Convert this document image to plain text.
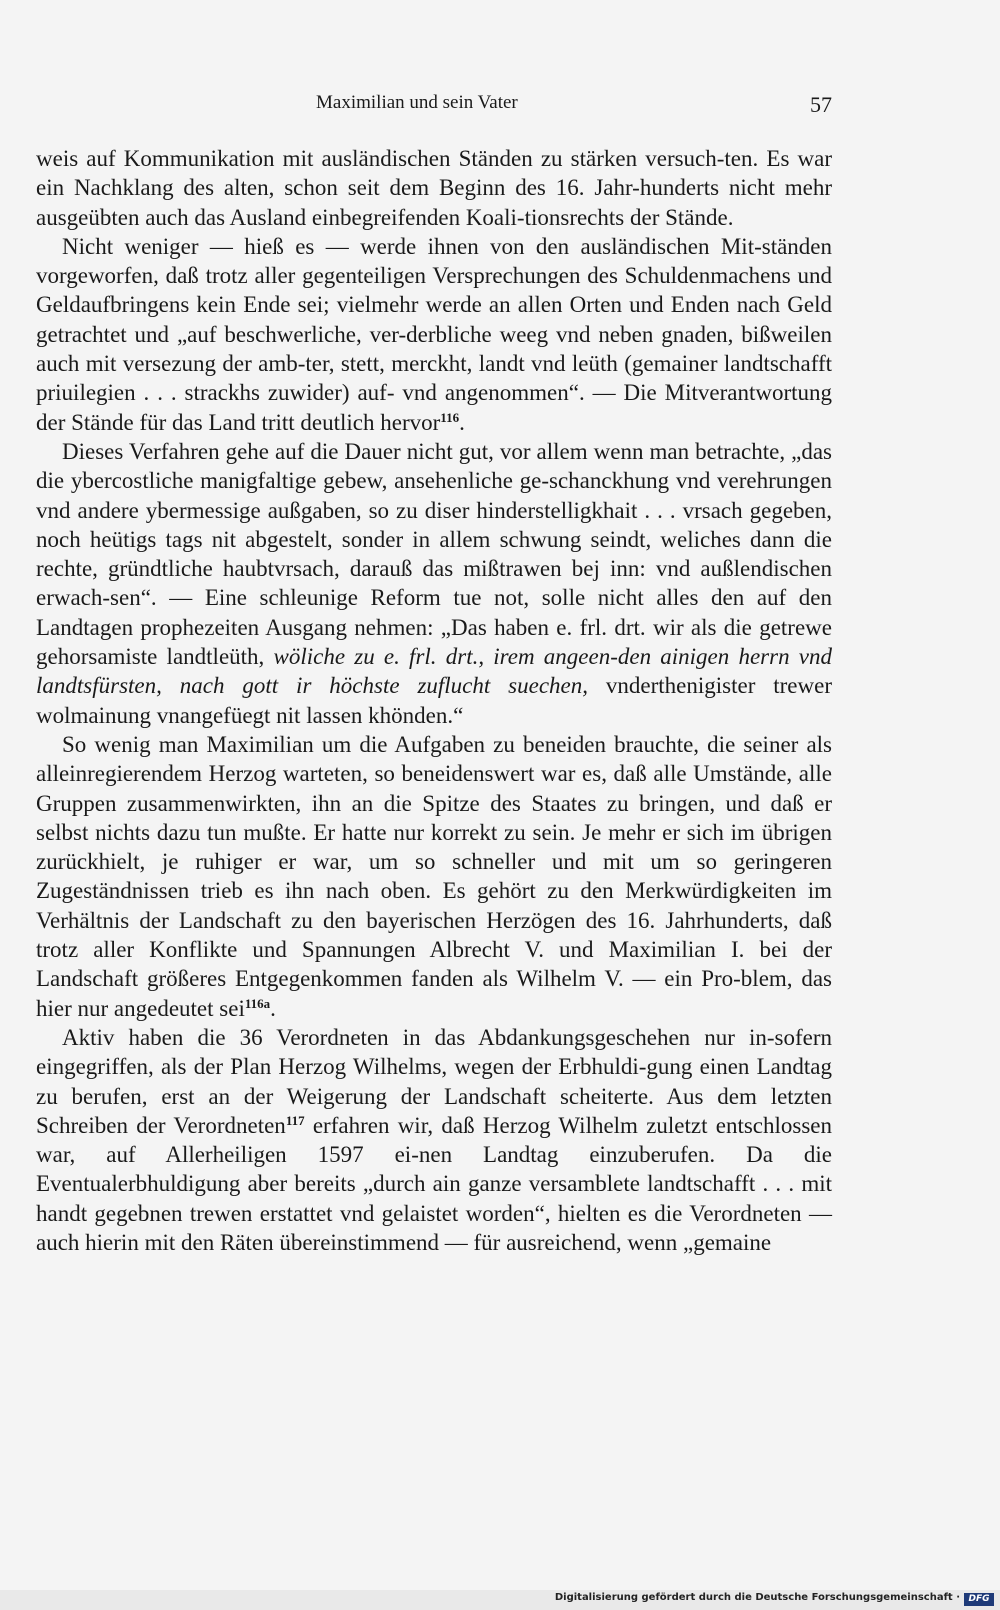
Maximilian und sein Vater	57

weis auf Kommunikation mit ausländischen Ständen zu stärken versuch-ten. Es war ein Nachklang des alten, schon seit dem Beginn des 16. Jahr-hunderts nicht mehr ausgeübten auch das Ausland einbegreifenden Koali-tionsrechts der Stände.

Nicht weniger — hieß es — werde ihnen von den ausländischen Mit-ständen vorgeworfen, daß trotz aller gegenteiligen Versprechungen des Schuldenmachens und Geldaufbringens kein Ende sei; vielmehr werde an allen Orten und Enden nach Geld getrachtet und „auf beschwerliche, ver-derbliche weeg vnd neben gnaden, bißweilen auch mit versezung der amb-ter, stett, merckht, landt vnd leüth (gemainer landtschafft priuilegien . . . strackhs zuwider) auf- vnd angenommen“. — Die Mitverantwortung der Stände für das Land tritt deutlich hervor$^{116}$.

Dieses Verfahren gehe auf die Dauer nicht gut, vor allem wenn man betrachte, „das die ybercostliche manigfaltige gebew, ansehenliche ge-schanckhung vnd verehrungen vnd andere ybermessige außgaben, so zu diser hinderstelligkhait . . . vrsach gegeben, noch heütigs tags nit abgestelt, sonder in allem schwung seindt, weliches dann die rechte, gründtliche haubtvrsach, darauß das mißtrawen bej inn: vnd außlendischen erwach-sen“. — Eine schleunige Reform tue not, solle nicht alles den auf den Landtagen prophezeiten Ausgang nehmen: „Das haben e. frl. drt. wir als die getrewe gehorsamiste landtleüth, wöliche zu e. frl. drt., irem angeen-den ainigen herrn vnd landtsfürsten, nach gott ir höchste zuflucht suechen, vnderthenigister trewer wolmainung vnangefüegt nit lassen khönden.“

So wenig man Maximilian um die Aufgaben zu beneiden brauchte, die seiner als alleinregierendem Herzog warteten, so beneidenswert war es, daß alle Umstände, alle Gruppen zusammenwirkten, ihn an die Spitze des Staates zu bringen, und daß er selbst nichts dazu tun mußte. Er hatte nur korrekt zu sein. Je mehr er sich im übrigen zurückhielt, je ruhiger er war, um so schneller und mit um so geringeren Zugeständnissen trieb es ihn nach oben. Es gehört zu den Merkwürdigkeiten im Verhältnis der Landschaft zu den bayerischen Herzögen des 16. Jahrhunderts, daß trotz aller Konflikte und Spannungen Albrecht V. und Maximilian I. bei der Landschaft größeres Entgegenkommen fanden als Wilhelm V. — ein Pro-blem, das hier nur angedeutet sei$^{116a}$.

Aktiv haben die 36 Verordneten in das Abdankungsgeschehen nur in-sofern eingegriffen, als der Plan Herzog Wilhelms, wegen der Erbhuldi-gung einen Landtag zu berufen, erst an der Weigerung der Landschaft scheiterte. Aus dem letzten Schreiben der Verordneten$^{117}$ erfahren wir, daß Herzog Wilhelm zuletzt entschlossen war, auf Allerheiligen 1597 ei-nen Landtag einzuberufen. Da die Eventualerbhuldigung aber bereits „durch ain ganze versamblete landtschafft . . . mit handt gegebnen trewen erstattet vnd gelaistet worden“, hielten es die Verordneten — auch hierin mit den Räten übereinstimmend — für ausreichend, wenn „gemaine

Digitalisierung gefördert durch die Deutsche Forschungsgemeinschaft · DFG
